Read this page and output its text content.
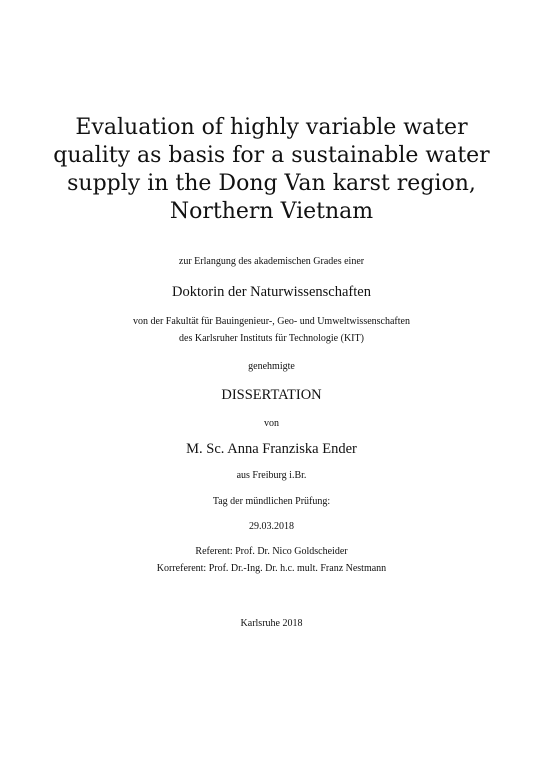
Evaluation of highly variable water
quality as basis for a sustainable water
supply in the Dong Van karst region,
Northern Vietnam
zur Erlangung des akademischen Grades einer
Doktorin der Naturwissenschaften
von der Fakultät für Bauingenieur-, Geo- und Umweltwissenschaften
des Karlsruher Instituts für Technologie (KIT)
genehmigte
DISSERTATION
von
M. Sc. Anna Franziska Ender
aus Freiburg i.Br.
Tag der mündlichen Prüfung:
29.03.2018
Referent: Prof. Dr. Nico Goldscheider
Korreferent: Prof. Dr.-Ing. Dr. h.c. mult. Franz Nestmann
Karlsruhe 2018
